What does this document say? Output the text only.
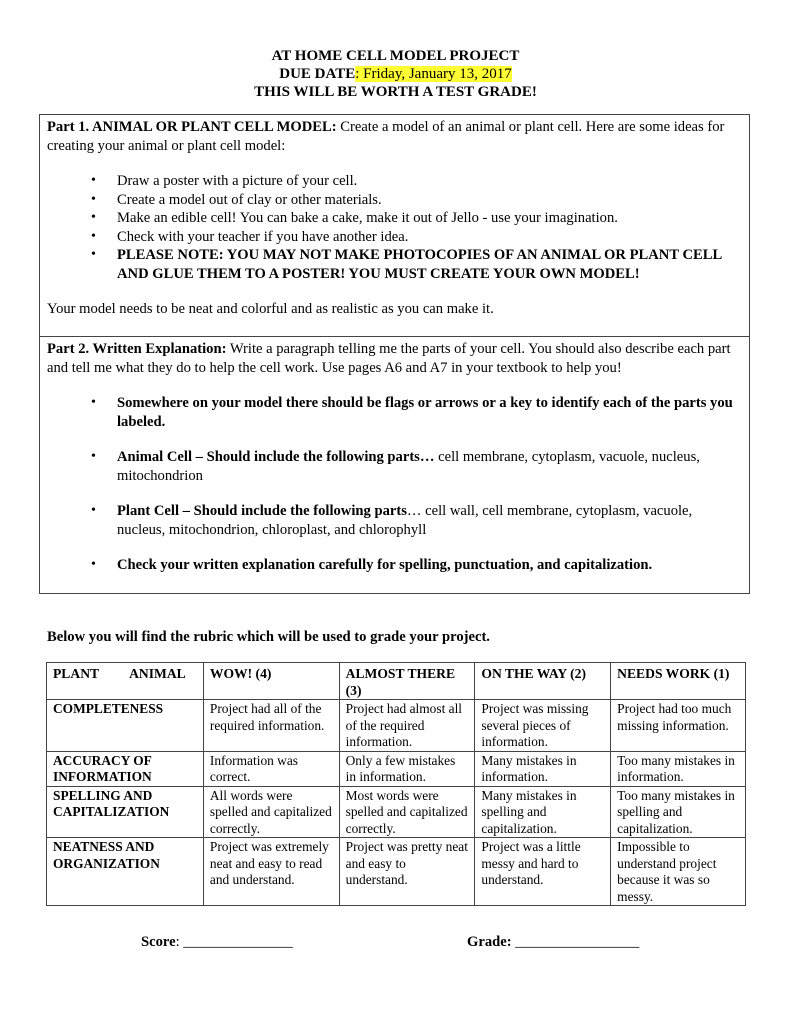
AT HOME CELL MODEL PROJECT
DUE DATE: Friday, January 13, 2017
THIS WILL BE WORTH A TEST GRADE!

Part 1. ANIMAL OR PLANT CELL MODEL: Create a model of an animal or plant cell. Here are some ideas for creating your animal or plant cell model:

• Draw a poster with a picture of your cell.
• Create a model out of clay or other materials.
• Make an edible cell! You can bake a cake, make it out of Jello - use your imagination.
• Check with your teacher if you have another idea.
• PLEASE NOTE: YOU MAY NOT MAKE PHOTOCOPIES OF AN ANIMAL OR PLANT CELL AND GLUE THEM TO A POSTER! YOU MUST CREATE YOUR OWN MODEL!

Your model needs to be neat and colorful and as realistic as you can make it.

Part 2. Written Explanation: Write a paragraph telling me the parts of your cell. You should also describe each part and tell me what they do to help the cell work. Use pages A6 and A7 in your textbook to help you!

• Somewhere on your model there should be flags or arrows or a key to identify each of the parts you labeled.
• Animal Cell – Should include the following parts… cell membrane, cytoplasm, vacuole, nucleus, mitochondrion
• Plant Cell – Should include the following parts… cell wall, cell membrane, cytoplasm, vacuole, nucleus, mitochondrion, chloroplast, and chlorophyll
• Check your written explanation carefully for spelling, punctuation, and capitalization.
Below you will find the rubric which will be used to grade your project.
PLANT ANIMAL	WOW! (4)	ALMOST THERE (3)	ON THE WAY (2)	NEEDS WORK (1)
COMPLETENESS	Project had all of the required information.	Project had almost all of the required information.	Project was missing several pieces of information.	Project had too much missing information.
ACCURACY OF INFORMATION	Information was correct.	Only a few mistakes in information.	Many mistakes in information.	Too many mistakes in information.
SPELLING AND CAPITALIZATION	All words were spelled and capitalized correctly.	Most words were spelled and capitalized correctly.	Many mistakes in spelling and capitalization.	Too many mistakes in spelling and capitalization.
NEATNESS AND ORGANIZATION	Project was extremely neat and easy to read and understand.	Project was pretty neat and easy to understand.	Project was a little messy and hard to understand.	Impossible to understand project because it was so messy.
Score: _______________	Grade: _________________
